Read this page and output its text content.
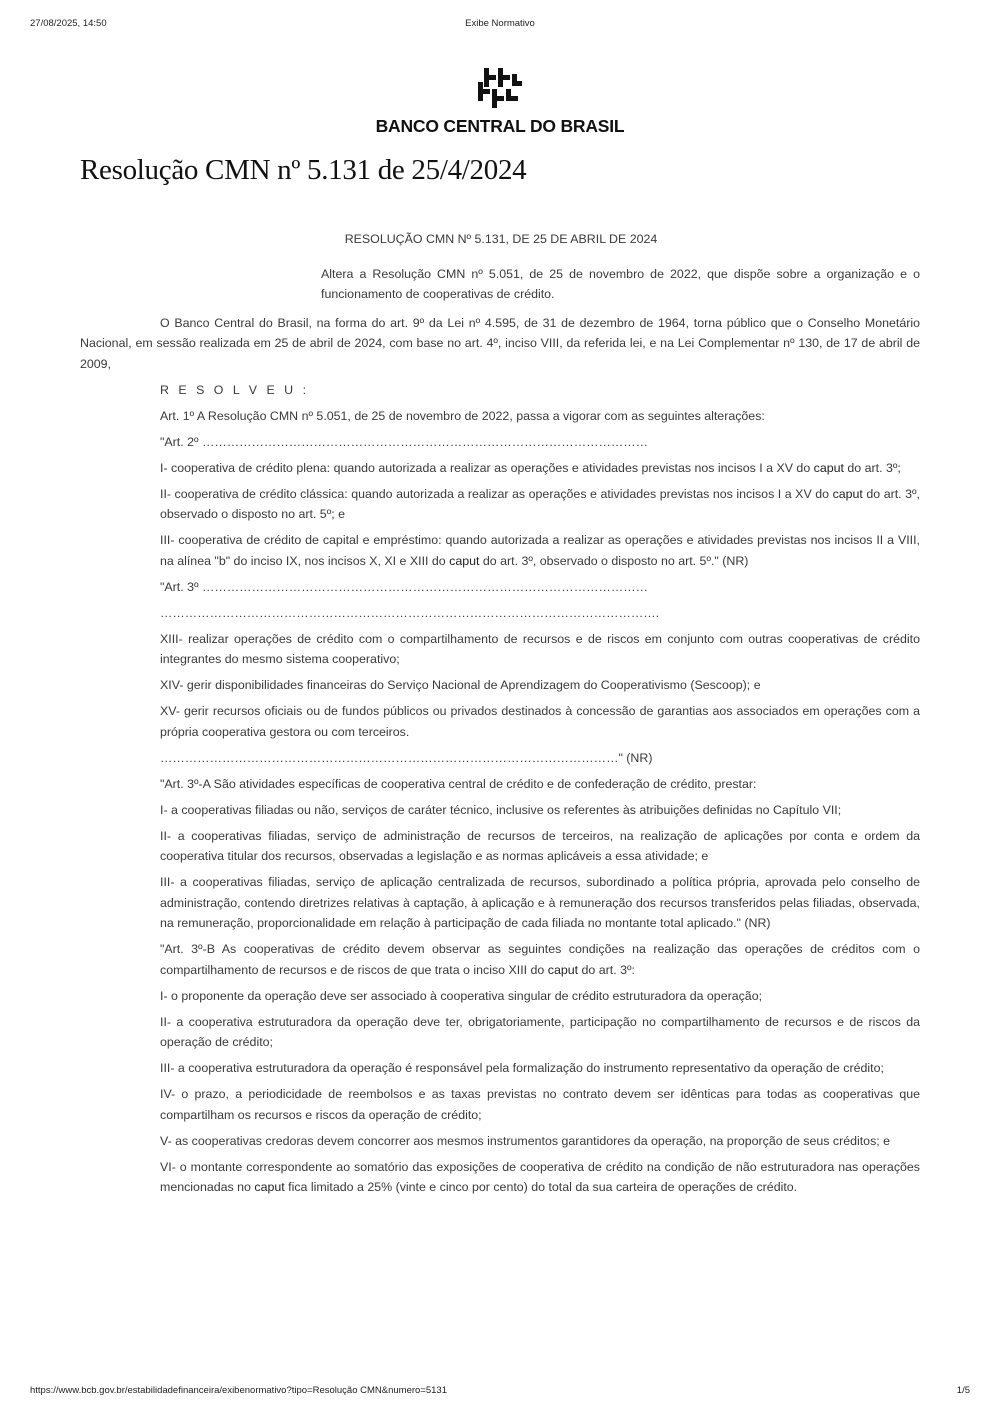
27/08/2025, 14:50	Exibe Normativo
BANCO CENTRAL DO BRASIL
Resolução CMN nº 5.131 de 25/4/2024

RESOLUÇÃO CMN Nº 5.131, DE 25 DE ABRIL DE 2024

Altera a Resolução CMN nº 5.051, de 25 de novembro de 2022, que dispõe sobre a organização e o funcionamento de cooperativas de crédito.

O Banco Central do Brasil, na forma do art. 9º da Lei nº 4.595, de 31 de dezembro de 1964, torna público que o Conselho Monetário Nacional, em sessão realizada em 25 de abril de 2024, com base no art. 4º, inciso VIII, da referida lei, e na Lei Complementar nº 130, de 17 de abril de 2009,

R E S O L V E U :

Art. 1º A Resolução CMN nº 5.051, de 25 de novembro de 2022, passa a vigorar com as seguintes alterações:

"Art. 2º ………………………………………………………………………………………………

I- cooperativa de crédito plena: quando autorizada a realizar as operações e atividades previstas nos incisos I a XV do caput do art. 3º;

II- cooperativa de crédito clássica: quando autorizada a realizar as operações e atividades previstas nos incisos I a XV do caput do art. 3º, observado o disposto no art. 5º; e

III- cooperativa de crédito de capital e empréstimo: quando autorizada a realizar as operações e atividades previstas nos incisos II a VIII, na alínea "b" do inciso IX, nos incisos X, XI e XIII do caput do art. 3º, observado o disposto no art. 5º." (NR)

"Art. 3º ………………………………………………………………………………………………

………………………………………………………………………………………………………….

XIII- realizar operações de crédito com o compartilhamento de recursos e de riscos em conjunto com outras cooperativas de crédito integrantes do mesmo sistema cooperativo;

XIV- gerir disponibilidades financeiras do Serviço Nacional de Aprendizagem do Cooperativismo (Sescoop); e

XV- gerir recursos oficiais ou de fundos públicos ou privados destinados à concessão de garantias aos associados em operações com a própria cooperativa gestora ou com terceiros.

…………………………………………………………………………………………………" (NR)

"Art. 3º-A São atividades específicas de cooperativa central de crédito e de confederação de crédito, prestar:

I- a cooperativas filiadas ou não, serviços de caráter técnico, inclusive os referentes às atribuições definidas no Capítulo VII;

II- a cooperativas filiadas, serviço de administração de recursos de terceiros, na realização de aplicações por conta e ordem da cooperativa titular dos recursos, observadas a legislação e as normas aplicáveis a essa atividade; e

III- a cooperativas filiadas, serviço de aplicação centralizada de recursos, subordinado a política própria, aprovada pelo conselho de administração, contendo diretrizes relativas à captação, à aplicação e à remuneração dos recursos transferidos pelas filiadas, observada, na remuneração, proporcionalidade em relação à participação de cada filiada no montante total aplicado." (NR)

"Art. 3º-B As cooperativas de crédito devem observar as seguintes condições na realização das operações de créditos com o compartilhamento de recursos e de riscos de que trata o inciso XIII do caput do art. 3º:

I- o proponente da operação deve ser associado à cooperativa singular de crédito estruturadora da operação;

II- a cooperativa estruturadora da operação deve ter, obrigatoriamente, participação no compartilhamento de recursos e de riscos da operação de crédito;

III- a cooperativa estruturadora da operação é responsável pela formalização do instrumento representativo da operação de crédito;

IV- o prazo, a periodicidade de reembolsos e as taxas previstas no contrato devem ser idênticas para todas as cooperativas que compartilham os recursos e riscos da operação de crédito;

V- as cooperativas credoras devem concorrer aos mesmos instrumentos garantidores da operação, na proporção de seus créditos; e

VI- o montante correspondente ao somatório das exposições de cooperativa de crédito na condição de não estruturadora nas operações mencionadas no caput fica limitado a 25% (vinte e cinco por cento) do total da sua carteira de operações de crédito.

https://www.bcb.gov.br/estabilidadefinanceira/exibenormativo?tipo=Resolução CMN&numero=5131	1/5
